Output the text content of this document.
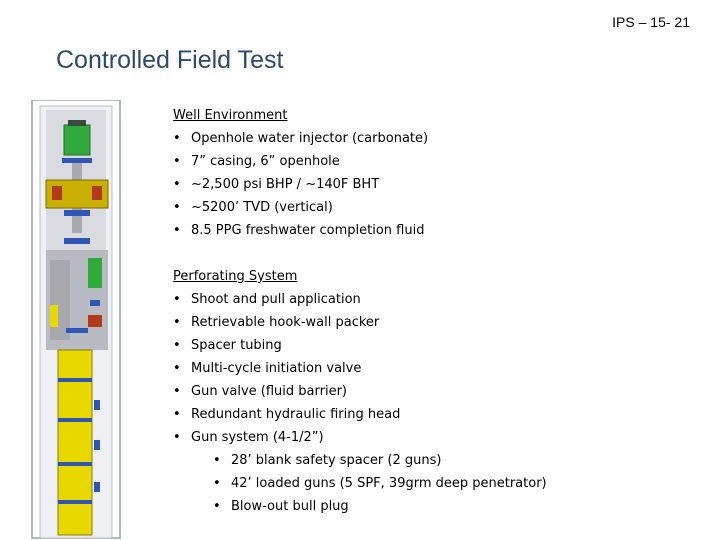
IPS – 15- 21
Controlled Field Test
Well Environment
• Openhole water injector (carbonate)
• 7” casing, 6” openhole
• ~2,500 psi BHP / ~140F BHT
• ~5200’ TVD (vertical)
• 8.5 PPG freshwater completion fluid
Perforating System
• Shoot and pull application
• Retrievable hook-wall packer
• Spacer tubing
• Multi-cycle initiation valve
• Gun valve (fluid barrier)
• Redundant hydraulic firing head
• Gun system (4-1/2”)
• 28’ blank safety spacer (2 guns)
• 42’ loaded guns (5 SPF, 39grm deep penetrator)
• Blow-out bull plug
